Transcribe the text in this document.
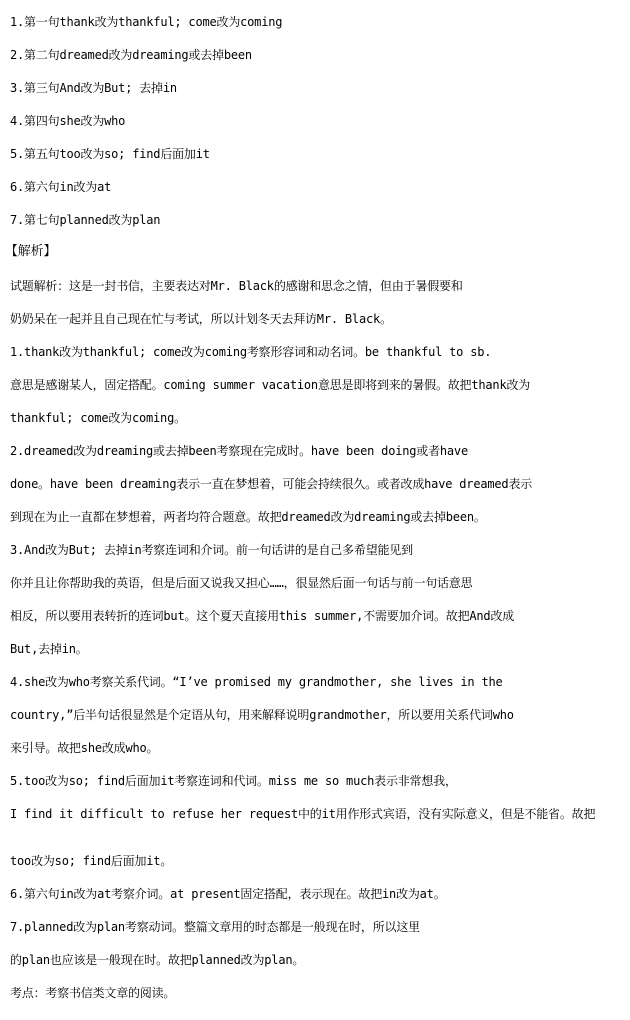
1.第一句thank改为thankful; come改为coming
2.第二句dreamed改为dreaming或去掉been
3.第三句And改为But; 去掉in
4.第四句she改为who
5.第五句too改为so; find后面加it
6.第六句in改为at
7.第七句planned改为plan
【解析】
试题解析：这是一封书信，主要表达对Mr. Black的感谢和思念之情，但由于暑假要和
奶奶呆在一起并且自己现在忙与考试，所以计划冬天去拜访Mr. Black。
1.thank改为thankful; come改为coming考察形容词和动名词。be thankful to sb.
意思是感谢某人，固定搭配。coming summer vacation意思是即将到来的暑假。故把thank改为
thankful; come改为coming。
2.dreamed改为dreaming或去掉been考察现在完成时。have been doing或者have
done。have been dreaming表示一直在梦想着，可能会持续很久。或者改成have dreamed表示
到现在为止一直都在梦想着，两者均符合题意。故把dreamed改为dreaming或去掉been。
3.And改为But; 去掉in考察连词和介词。前一句话讲的是自己多希望能见到
你并且让你帮助我的英语，但是后面又说我又担心……，很显然后面一句话与前一句话意思
相反，所以要用表转折的连词but。这个夏天直接用this summer,不需要加介词。故把And改成
But,去掉in。
4.she改为who考察关系代词。“I’ve promised my grandmother, she lives in the
country,”后半句话很显然是个定语从句，用来解释说明grandmother，所以要用关系代词who
来引导。故把she改成who。
5.too改为so; find后面加it考察连词和代词。miss me so much表示非常想我，
I find it difficult to refuse her request中的it用作形式宾语，没有实际意义，但是不能省。故把
too改为so; find后面加it。
6.第六句in改为at考察介词。at present固定搭配，表示现在。故把in改为at。
7.planned改为plan考察动词。整篇文章用的时态都是一般现在时，所以这里
的plan也应该是一般现在时。故把planned改为plan。
考点：考察书信类文章的阅读。
